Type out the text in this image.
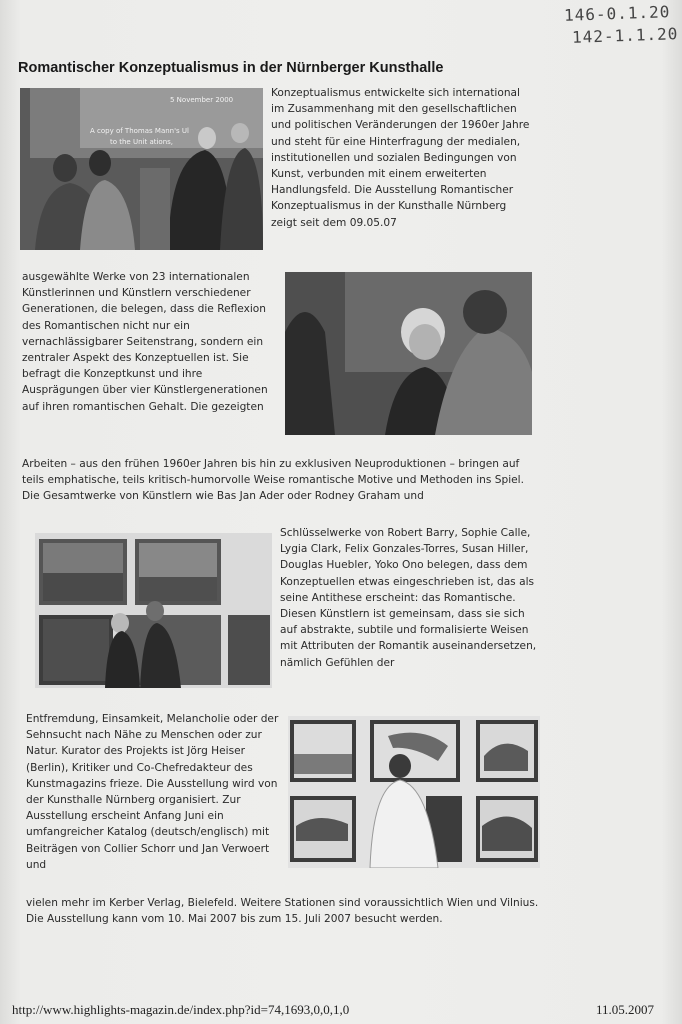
146-0.1.20
142-1.1.20
Romantischer Konzeptualismus in der Nürnberger Kunsthalle
5 November 2000
A copy of Thomas Mann's Ul
to the Unit ations,

Konzeptualismus entwickelte sich international im Zusammenhang mit den gesellschaftlichen und politischen Veränderungen der 1960er Jahre und steht für eine Hinterfragung der medialen, institutionellen und sozialen Bedingungen von Kunst, verbunden mit einem erweiterten Handlungsfeld. Die Ausstellung Romantischer Konzeptualismus in der Kunsthalle Nürnberg zeigt seit dem 09.05.07

ausgewählte Werke von 23 internationalen Künstlerinnen und Künstlern verschiedener Generationen, die belegen, dass die Reflexion des Romantischen nicht nur ein vernachlässigbarer Seitenstrang, sondern ein zentraler Aspekt des Konzeptuellen ist. Sie befragt die Konzeptkunst und ihre Ausprägungen über vier Künstlergenerationen auf ihren romantischen Gehalt. Die gezeigten

Arbeiten – aus den frühen 1960er Jahren bis hin zu exklusiven Neuproduktionen – bringen auf teils emphatische, teils kritisch-humorvolle Weise romantische Motive und Methoden ins Spiel. Die Gesamtwerke von Künstlern wie Bas Jan Ader oder Rodney Graham und

Schlüsselwerke von Robert Barry, Sophie Calle, Lygia Clark, Felix Gonzales-Torres, Susan Hiller, Douglas Huebler, Yoko Ono belegen, dass dem Konzeptuellen etwas eingeschrieben ist, das als seine Antithese erscheint: das Romantische. Diesen Künstlern ist gemeinsam, dass sie sich auf abstrakte, subtile und formalisierte Weisen mit Attributen der Romantik auseinandersetzen, nämlich Gefühlen der

Entfremdung, Einsamkeit, Melancholie oder der Sehnsucht nach Nähe zu Menschen oder zur Natur. Kurator des Projekts ist Jörg Heiser (Berlin), Kritiker und Co-Chefredakteur des Kunstmagazins frieze. Die Ausstellung wird von der Kunsthalle Nürnberg organisiert. Zur Ausstellung erscheint Anfang Juni ein umfangreicher Katalog (deutsch/englisch) mit Beiträgen von Collier Schorr und Jan Verwoert und

vielen mehr im Kerber Verlag, Bielefeld. Weitere Stationen sind voraussichtlich Wien und Vilnius. Die Ausstellung kann vom 10. Mai 2007 bis zum 15. Juli 2007 besucht werden.

http://www.highlights-magazin.de/index.php?id=74,1693,0,0,1,0	11.05.2007
